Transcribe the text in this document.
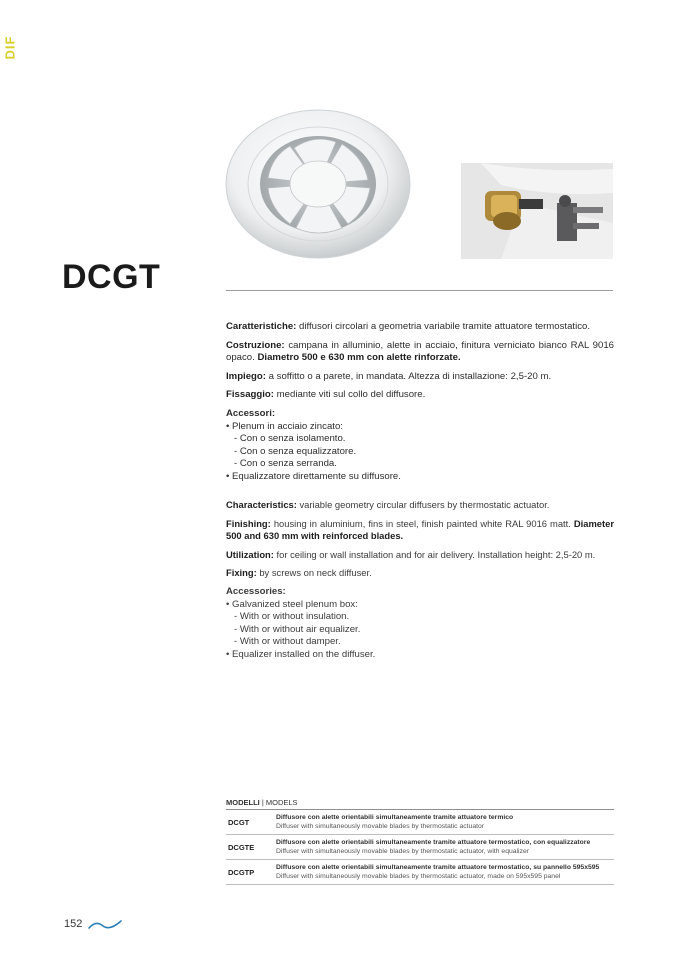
DIF
DCGT

Caratteristiche: diffusori circolari a geometria variabile tramite attuatore termostatico.

Costruzione: campana in alluminio, alette in acciaio, finitura verniciato bianco RAL 9016 opaco. Diametro 500 e 630 mm con alette rinforzate.

Impiego: a soffitto o a parete, in mandata. Altezza di installazione: 2,5-20 m.

Fissaggio: mediante viti sul collo del diffusore.

Accessori:
• Plenum in acciaio zincato:
- Con o senza isolamento.
- Con o senza equalizzatore.
- Con o senza serranda.
• Equalizzatore direttamente su diffusore.

Characteristics: variable geometry circular diffusers by thermostatic actuator.

Finishing: housing in aluminium, fins in steel, finish painted white RAL 9016 matt. Diameter 500 and 630 mm with reinforced blades.

Utilization: for ceiling or wall installation and for air delivery. Installation height: 2,5-20 m.

Fixing: by screws on neck diffuser.

Accessories:
• Galvanized steel plenum box:
- With or without insulation.
- With or without air equalizer.
- With or without damper.
• Equalizer installed on the diffuser.
MODELLI | MODELS
DCGT	Diffusore con alette orientabili simultaneamente tramite attuatore termico
Diffuser with simultaneously movable blades by thermostatic actuator
DCGTE	Diffusore con alette orientabili simultaneamente tramite attuatore termostatico, con equalizzatore
Diffuser with simultaneously movable blades by thermostatic actuator, with equalizer
DCGTP	Diffusore con alette orientabili simultaneamente tramite attuatore termostatico, su pannello 595x595
Diffuser with simultaneously movable blades by thermostatic actuator, made on 595x595 panel
152
